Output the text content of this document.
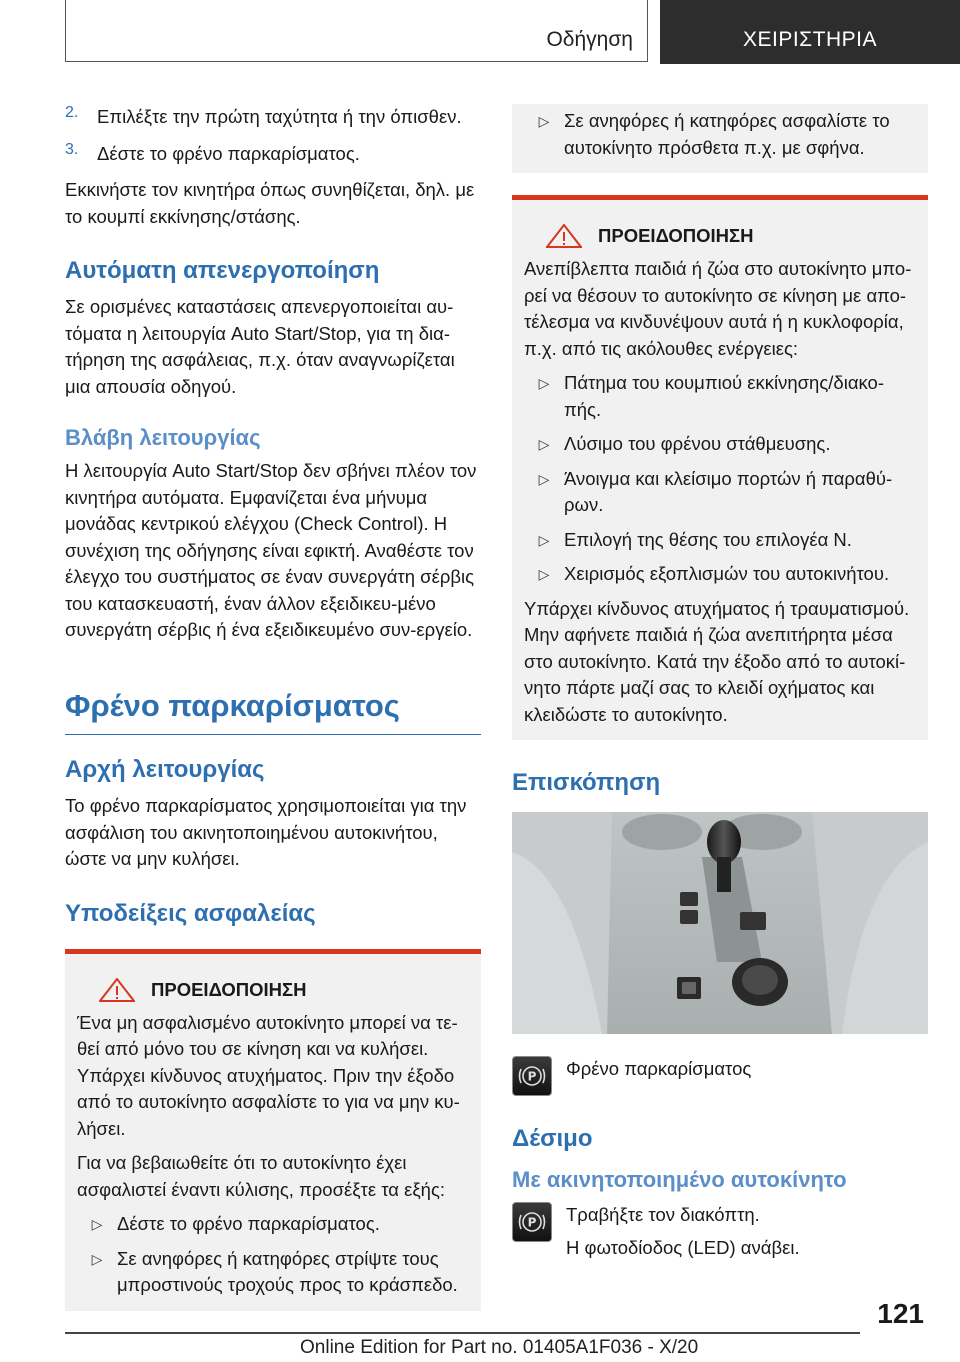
Οδήγηση	ΧΕΙΡΙΣΤΗΡΙΑ
2.	Επιλέξτε την πρώτη ταχύτητα ή την όπισθεν.

3.	Δέστε το φρένο παρκαρίσματος.

Εκκινήστε τον κινητήρα όπως συνηθίζεται, δηλ. με το κουμπί εκκίνησης/στάσης.

Αυτόματη απενεργοποίηση

Σε ορισμένες καταστάσεις απενεργοποιείται αυ-τόματα η λειτουργία Auto Start/Stop, για τη δια-τήρηση της ασφάλειας, π.χ. όταν αναγνωρίζεται μια απουσία οδηγού.

Βλάβη λειτουργίας

Η λειτουργία Auto Start/Stop δεν σβήνει πλέον τον κινητήρα αυτόματα. Εμφανίζεται ένα μήνυμα μονάδας κεντρικού ελέγχου (Check Control). Η συνέχιση της οδήγησης είναι εφικτή. Αναθέστε τον έλεγχο του συστήματος σε έναν συνεργάτη σέρβις του κατασκευαστή, έναν άλλον εξειδικευ-μένο συνεργάτη σέρβις ή ένα εξειδικευμένο συν-εργείο.

Φρένο παρκαρίσματος
Αρχή λειτουργίας

Το φρένο παρκαρίσματος χρησιμοποιείται για την ασφάλιση του ακινητοποιημένου αυτοκινήτου, ώστε να μην κυλήσει.

Υποδείξεις ασφαλείας
ΠΡΟΕΙΔΟΠΟΙΗΣΗ

Ένα μη ασφαλισμένο αυτοκίνητο μπορεί να τε-θεί από μόνο του σε κίνηση και να κυλήσει. Υπάρχει κίνδυνος ατυχήματος. Πριν την έξοδο από το αυτοκίνητο ασφαλίστε το για να μην κυ-λήσει.

Για να βεβαιωθείτε ότι το αυτοκίνητο έχει ασφαλιστεί έναντι κύλισης, προσέξτε τα εξής:

▷ Δέστε το φρένο παρκαρίσματος.

▷ Σε ανηφόρες ή κατηφόρες στρίψτε τους μπροστινούς τροχούς προς το κράσπεδο.

▷ Σε ανηφόρες ή κατηφόρες ασφαλίστε το αυτοκίνητο πρόσθετα π.χ. με σφήνα.

ΠΡΟΕΙΔΟΠΟΙΗΣΗ

Ανεπίβλεπτα παιδιά ή ζώα στο αυτοκίνητο μπο-ρεί να θέσουν το αυτοκίνητο σε κίνηση με απο-τέλεσμα να κινδυνέψουν αυτά ή η κυκλοφορία, π.χ. από τις ακόλουθες ενέργειες:

▷ Πάτημα του κουμπιού εκκίνησης/διακο-πής.

▷ Λύσιμο του φρένου στάθμευσης.

▷ Άνοιγμα και κλείσιμο πορτών ή παραθύ-ρων.

▷ Επιλογή της θέσης του επιλογέα N.

▷ Χειρισμός εξοπλισμών του αυτοκινήτου.

Υπάρχει κίνδυνος ατυχήματος ή τραυματισμού. Μην αφήνετε παιδιά ή ζώα ανεπιτήρητα μέσα στο αυτοκίνητο. Κατά την έξοδο από το αυτοκί-νητο πάρτε μαζί σας το κλειδί οχήματος και κλειδώστε το αυτοκίνητο.

Επισκόπηση
P Φρένο παρκαρίσματος

Δέσιμο
Με ακινητοποιημένο αυτοκίνητο
P Τραβήξτε τον διακόπτη.

Η φωτοδίοδος (LED) ανάβει.

121
Online Edition for Part no. 01405A1F036 - X/20
